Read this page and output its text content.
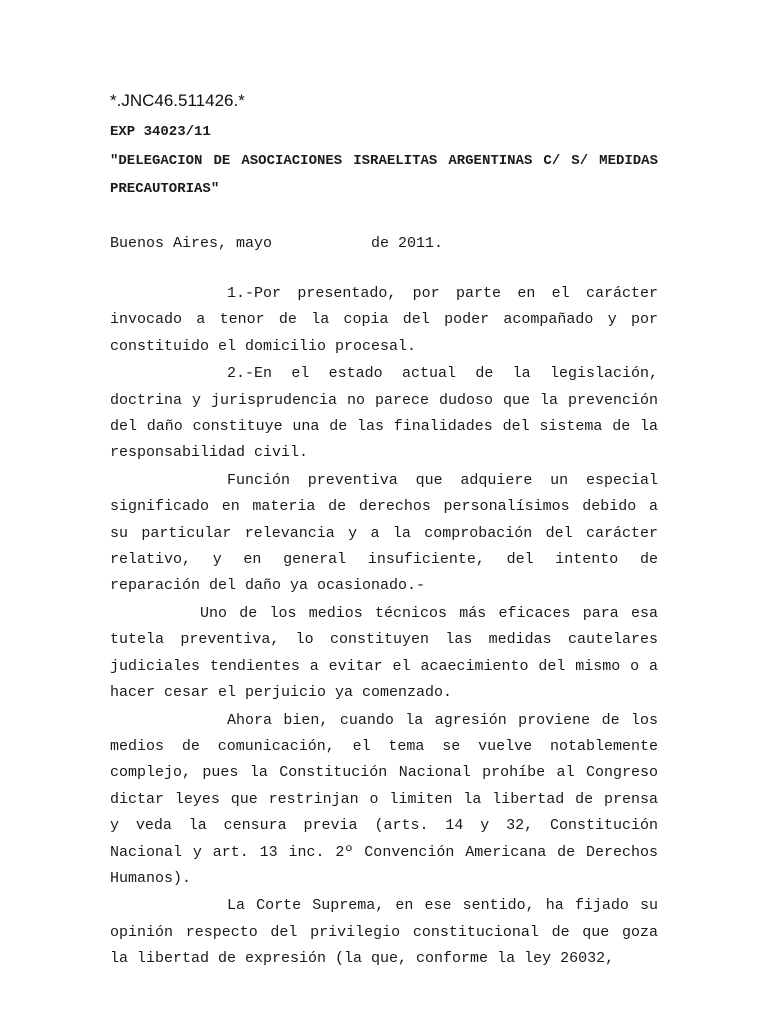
*.JNC46.511426.*
EXP 34023/11
"DELEGACION DE ASOCIACIONES ISRAELITAS ARGENTINAS C/ S/ MEDIDAS PRECAUTORIAS"
Buenos Aires, mayo           de 2011.

1.-Por presentado, por parte en el carácter invocado a tenor de la copia del poder acompañado y por constituido el domicilio procesal.

2.-En el estado actual de la legislación, doctrina y jurisprudencia no parece dudoso que la prevención del daño constituye una de las finalidades del sistema de la responsabilidad civil.

Función preventiva que adquiere un especial significado en materia de derechos personalísimos debido a su particular relevancia y a la comprobación del carácter relativo, y en general insuficiente, del intento de reparación del daño ya ocasionado.-

Uno de los medios técnicos más eficaces para esa tutela preventiva, lo constituyen las medidas cautelares judiciales tendientes a evitar el acaecimiento del mismo o a hacer cesar el perjuicio ya comenzado.

Ahora bien, cuando la agresión proviene de los medios de comunicación, el tema se vuelve notablemente complejo, pues la Constitución Nacional prohíbe al Congreso dictar leyes que restrinjan o limiten la libertad de prensa y veda la censura previa (arts. 14 y 32, Constitución Nacional y art. 13 inc. 2º Convención Americana de Derechos Humanos).

La Corte Suprema, en ese sentido, ha fijado su opinión respecto del privilegio constitucional de que goza la libertad de expresión (la que, conforme la ley 26032,
